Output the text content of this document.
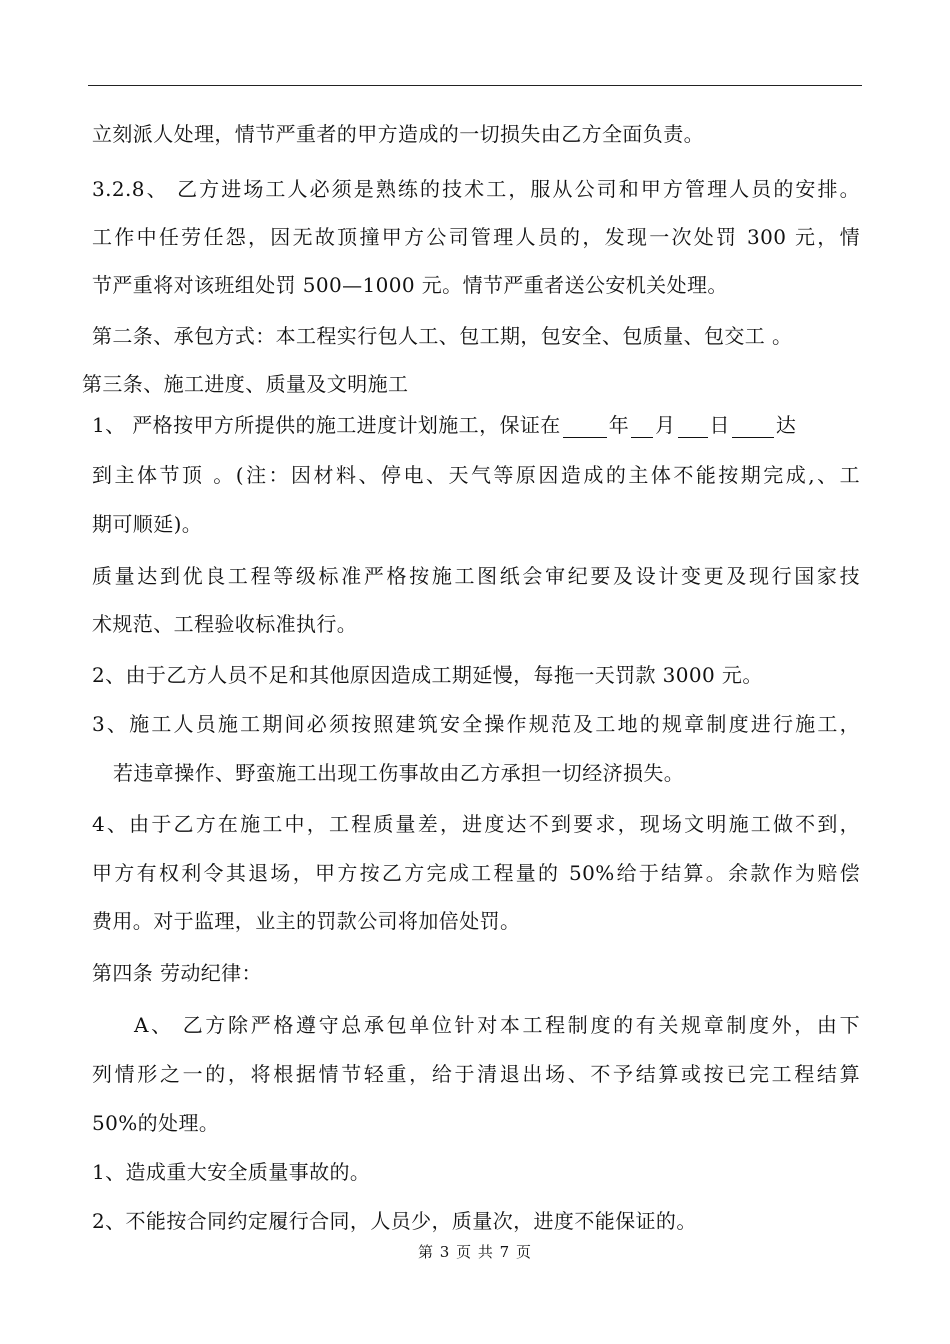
立刻派人处理，情节严重者的甲方造成的一切损失由乙方全面负责。
3.2.8、 乙方进场工人必须是熟练的技术工，服从公司和甲方管理人员的安排。
工作中任劳任怨，因无故顶撞甲方公司管理人员的，发现一次处罚 300 元，情
节严重将对该班组处罚 500—1000 元。情节严重者送公安机关处理。
第二条、承包方式：本工程实行包人工、包工期，包安全、包质量、包交工 。
第三条、施工进度、质量及文明施工
1、 严格按甲方所提供的施工进度计划施工，保证在 年 月 日 达
到主体节顶 。(注：因材料、停电、天气等原因造成的主体不能按期完成,、工
期可顺延)。
质量达到优良工程等级标准严格按施工图纸会审纪要及设计变更及现行国家技
术规范、工程验收标准执行。
2、由于乙方人员不足和其他原因造成工期延慢，每拖一天罚款 3000 元。
3、施工人员施工期间必须按照建筑安全操作规范及工地的规章制度进行施工，
若违章操作、野蛮施工出现工伤事故由乙方承担一切经济损失。
4、由于乙方在施工中，工程质量差，进度达不到要求，现场文明施工做不到，
甲方有权利令其退场，甲方按乙方完成工程量的 50%给于结算。余款作为赔偿
费用。对于监理，业主的罚款公司将加倍处罚。
第四条 劳动纪律：
A、 乙方除严格遵守总承包单位针对本工程制度的有关规章制度外，由下
列情形之一的，将根据情节轻重，给于清退出场、不予结算或按已完工程结算
50%的处理。
1、造成重大安全质量事故的。
2、不能按合同约定履行合同，人员少，质量次，进度不能保证的。
第 3 页 共 7 页
